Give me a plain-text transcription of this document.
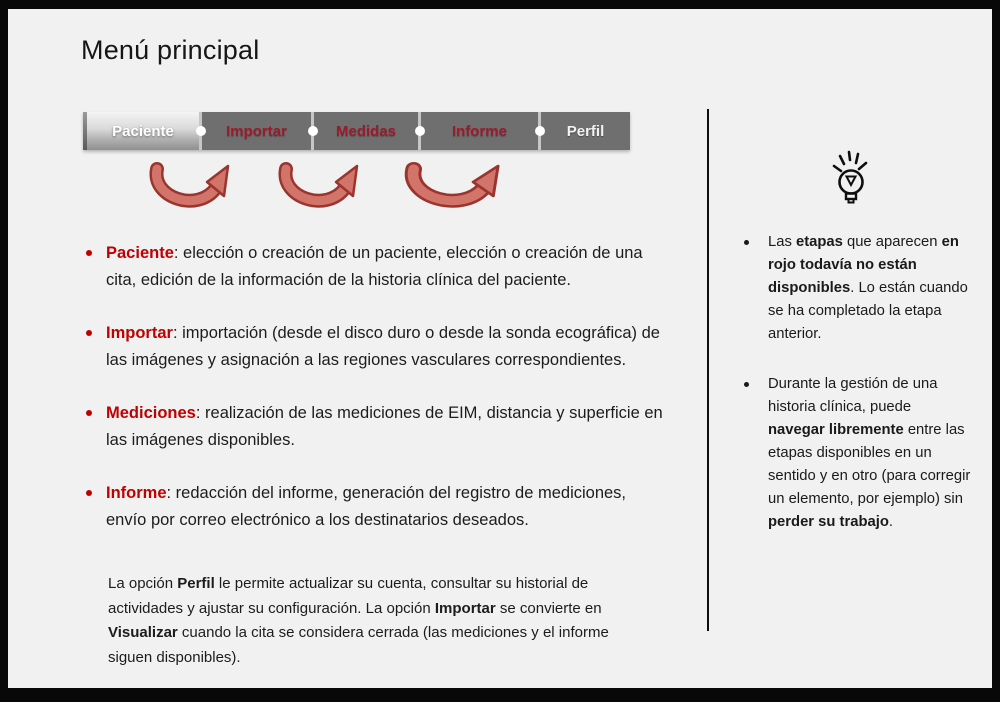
Menú principal
Paciente	Importar	Medidas	Informe	Perfil
Paciente: elección o creación de un paciente, elección o creación de una cita, edición de la información de la historia clínica del paciente.
Importar: importación (desde el disco duro o desde la sonda ecográfica) de las imágenes y asignación a las regiones vasculares correspondientes.
Mediciones: realización de las mediciones de EIM, distancia y superficie en las imágenes disponibles.
Informe: redacción del informe, generación del registro de mediciones, envío por correo electrónico a los destinatarios deseados.
La opción Perfil le permite actualizar su cuenta, consultar su historial de actividades y ajustar su configuración. La opción Importar se convierte en Visualizar cuando la cita se considera cerrada (las mediciones y el informe siguen disponibles).
Las etapas que aparecen en rojo todavía no están disponibles. Lo están cuando se ha completado la etapa anterior.
Durante la gestión de una historia clínica, puede navegar libremente entre las etapas disponibles en un sentido y en otro (para corregir un elemento, por ejemplo) sin perder su trabajo.
